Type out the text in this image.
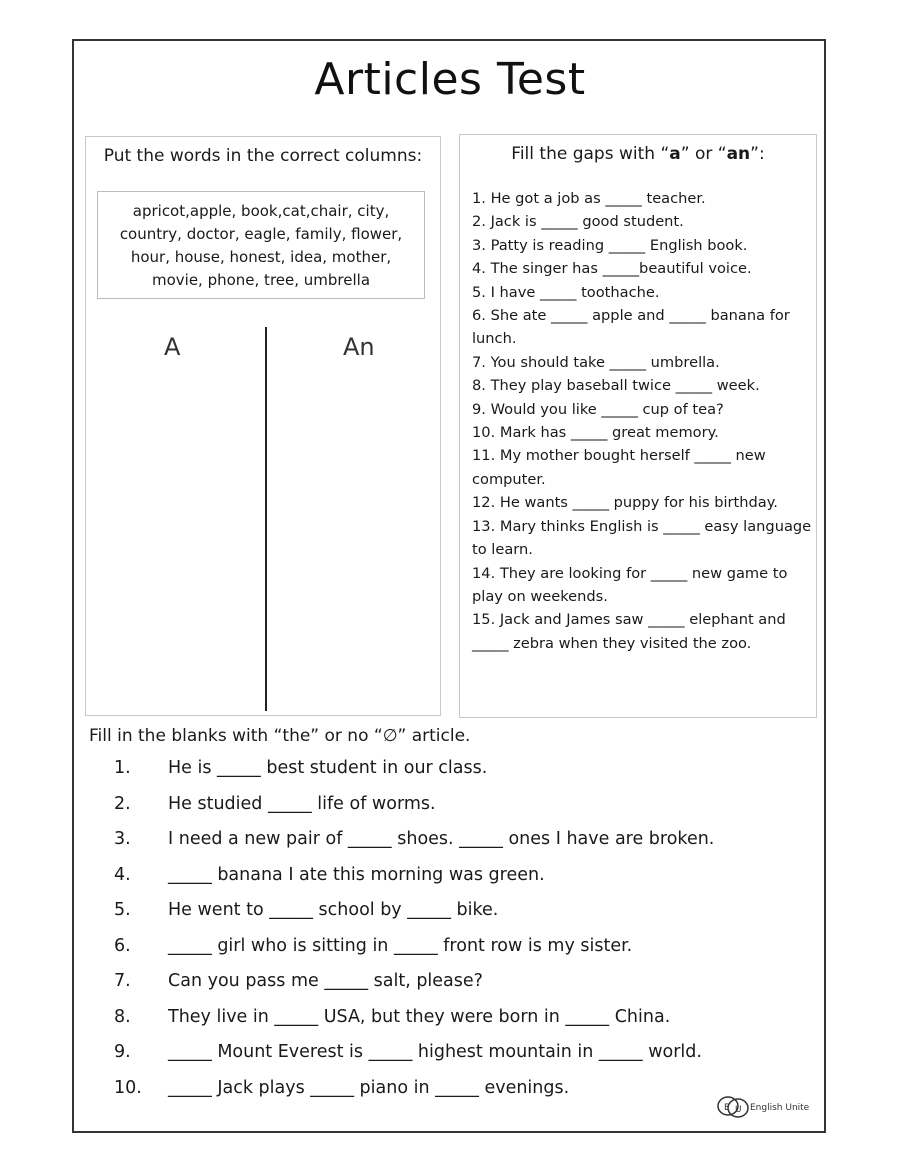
Articles Test
Put the words in the correct columns:
apricot,apple, book,cat,chair, city, country, doctor, eagle, family, flower, hour, house, honest, idea, mother, movie, phone, tree, umbrella
A	An
Fill the gaps with “a” or “an”:
1. He got a job as _____ teacher.
2. Jack is _____ good student.
3. Patty is reading _____ English book.
4. The singer has _____beautiful voice.
5. I have _____ toothache.
6. She ate _____ apple and _____ banana for lunch.
7. You should take _____ umbrella.
8. They play baseball twice _____ week.
9. Would you like _____ cup of tea?
10. Mark has _____ great memory.
11. My mother bought herself _____ new computer.
12. He wants _____ puppy for his birthday.
13. Mary thinks English is _____ easy language to learn.
14. They are looking for _____ new game to play on weekends.
15. Jack and James saw _____ elephant and _____ zebra when they visited the zoo.
Fill in the blanks with “the” or no “∅” article.
1. He is _____ best student in our class.
2. He studied _____ life of worms.
3. I need a new pair of _____ shoes. _____ ones I have are broken.
4. _____ banana I ate this morning was green.
5. He went to _____ school by _____ bike.
6. _____ girl who is sitting in _____ front row is my sister.
7. Can you pass me _____ salt, please?
8. They live in _____ USA, but they were born in _____ China.
9. _____ Mount Everest is _____ highest mountain in _____ world.
10. _____ Jack plays _____ piano in _____ evenings.
E U English Unite
